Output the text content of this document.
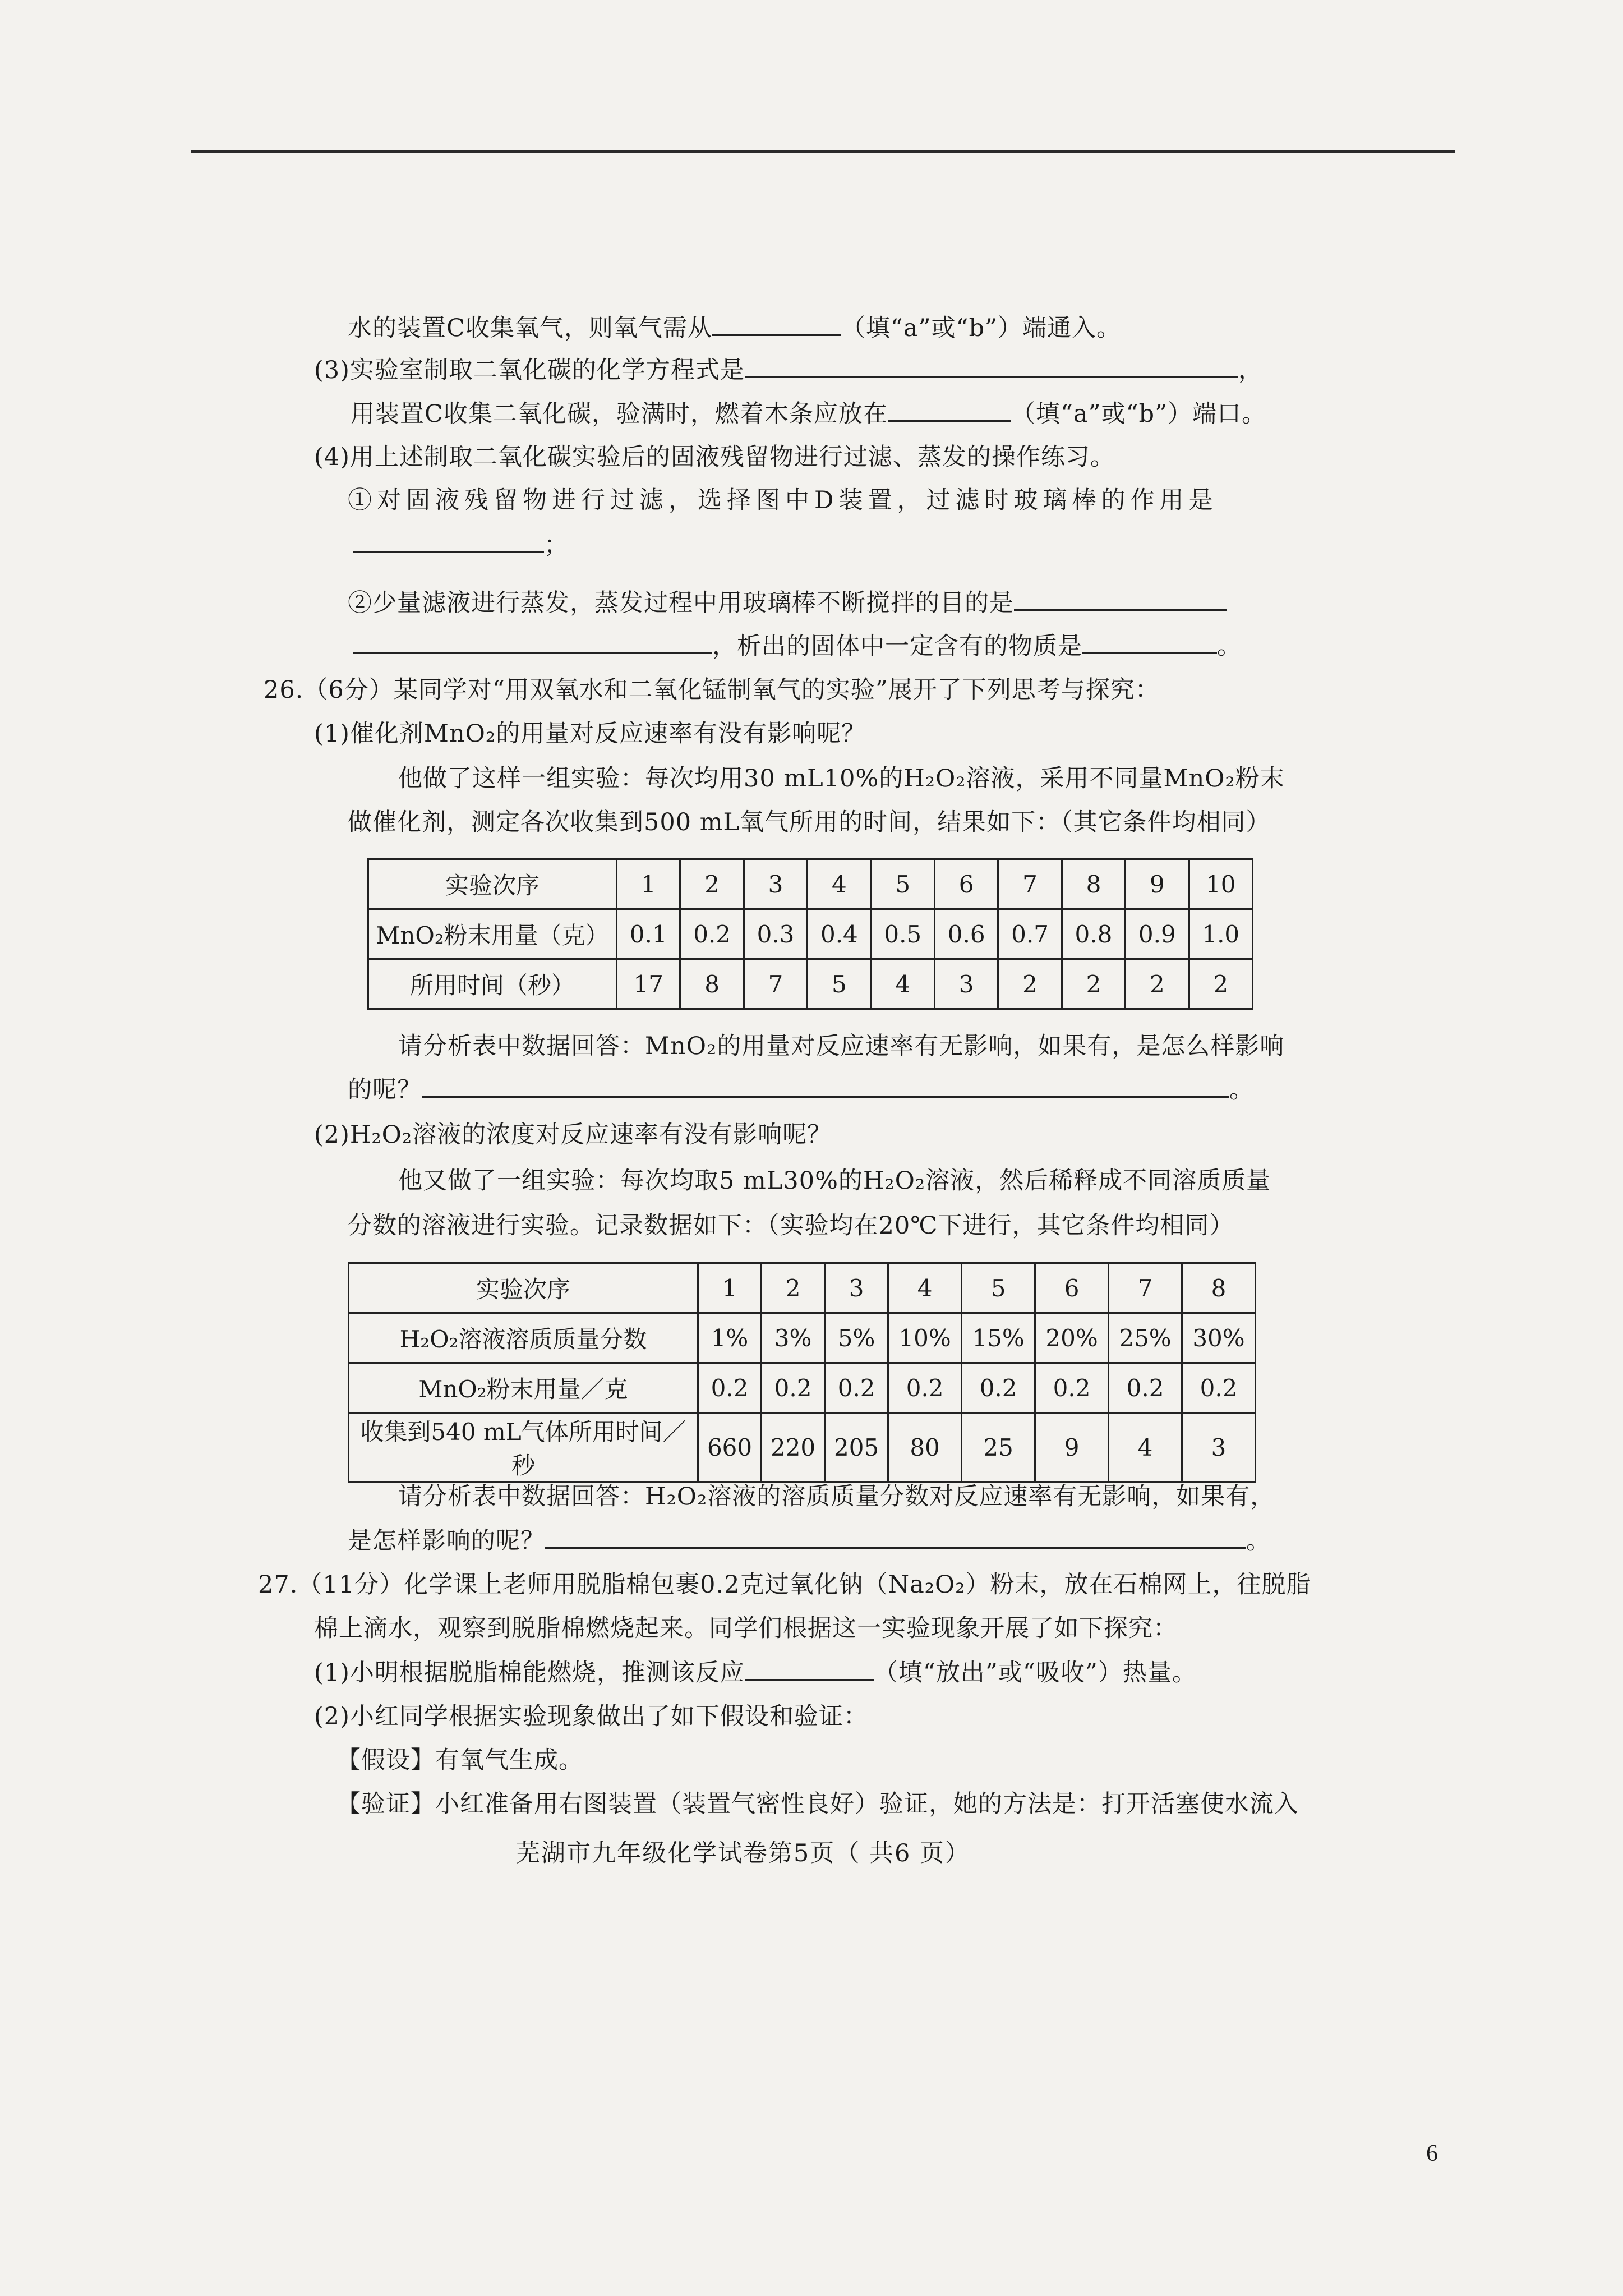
水的装置C收集氧气，则氧气需从	（填“a”或“b”）端通入。
(3)实验室制取二氧化碳的化学方程式是	，
用装置C收集二氧化碳，验满时，燃着木条应放在	（填“a”或“b”）端口。
(4)用上述制取二氧化碳实验后的固液残留物进行过滤、蒸发的操作练习。
①对固液残留物进行过滤，选择图中D装置，过滤时玻璃棒的作用是
；
②少量滤液进行蒸发，蒸发过程中用玻璃棒不断搅拌的目的是
，析出的固体中一定含有的物质是	。
26.（6分）某同学对“用双氧水和二氧化锰制氧气的实验”展开了下列思考与探究：
(1)催化剂MnO₂的用量对反应速率有没有影响呢？
他做了这样一组实验：每次均用30 mL10%的H₂O₂溶液，采用不同量MnO₂粉末
做催化剂，测定各次收集到500 mL氧气所用的时间，结果如下：（其它条件均相同）
实验次序	1	2	3	4	5	6	7	8	9	10
MnO₂粉末用量（克）	0.1	0.2	0.3	0.4	0.5	0.6	0.7	0.8	0.9	1.0
所用时间（秒）	17	8	7	5	4	3	2	2	2	2
请分析表中数据回答：MnO₂的用量对反应速率有无影响，如果有，是怎么样影响
的呢？	。
(2)H₂O₂溶液的浓度对反应速率有没有影响呢？
他又做了一组实验：每次均取5 mL30%的H₂O₂溶液，然后稀释成不同溶质质量
分数的溶液进行实验。记录数据如下：（实验均在20℃下进行，其它条件均相同）
实验次序	1	2	3	4	5	6	7	8
H₂O₂溶液溶质质量分数	1%	3%	5%	10%	15%	20%	25%	30%
MnO₂粉末用量／克	0.2	0.2	0.2	0.2	0.2	0.2	0.2	0.2
收集到540 mL气体所用时间／秒	660	220	205	80	25	9	4	3
请分析表中数据回答：H₂O₂溶液的溶质质量分数对反应速率有无影响，如果有，
是怎样影响的呢？	。
27.（11分）化学课上老师用脱脂棉包裹0.2克过氧化钠（Na₂O₂）粉末，放在石棉网上，往脱脂
棉上滴水，观察到脱脂棉燃烧起来。同学们根据这一实验现象开展了如下探究：
(1)小明根据脱脂棉能燃烧，推测该反应	（填“放出”或“吸收”）热量。
(2)小红同学根据实验现象做出了如下假设和验证：
【假设】有氧气生成。
【验证】小红准备用右图装置（装置气密性良好）验证，她的方法是：打开活塞使水流入
芜湖市九年级化学试卷第5页（ 共6 页）
6
